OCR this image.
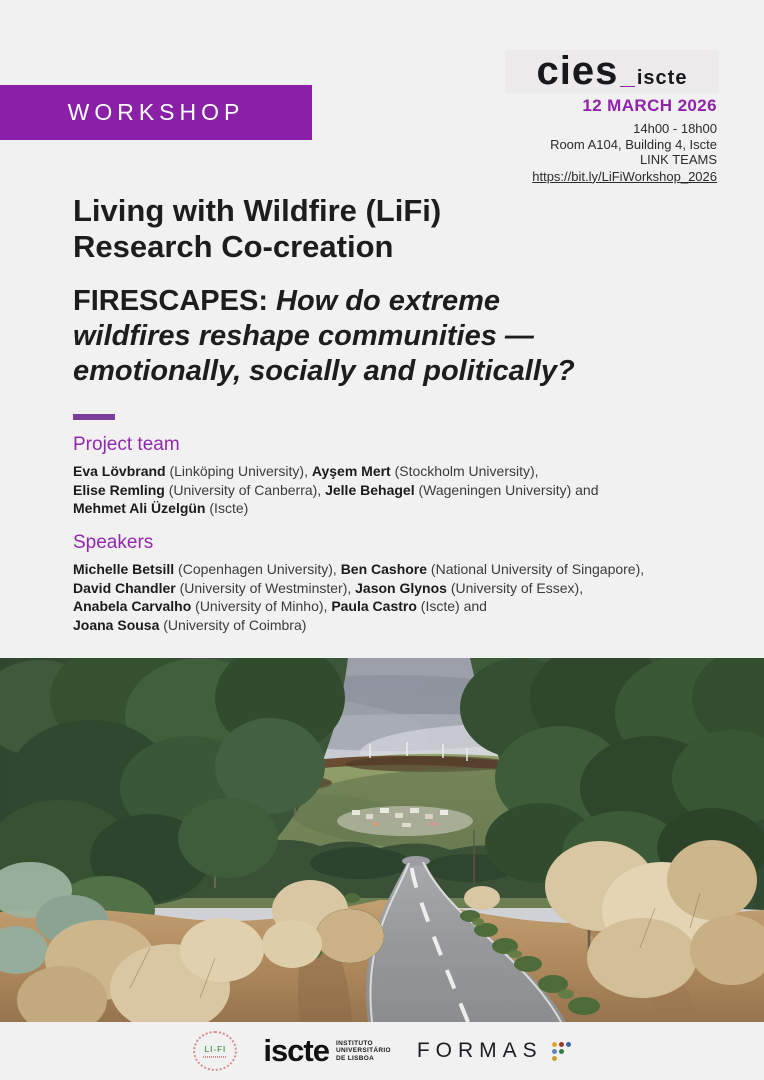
WORKSHOP
cies _ iscte
12 MARCH 2026
14h00 - 18h00
Room A104, Building 4, Iscte
LINK TEAMS
https://bit.ly/LiFiWorkshop_2026
Living with Wildfire (LiFi)
Research Co-creation
FIRESCAPES: How do extreme
wildfires reshape communities —
emotionally, socially and politically?
Project team

Eva Lövbrand (Linköping University), Ayşem Mert (Stockholm University),

Elise Remling (University of Canberra), Jelle Behagel (Wageningen University) and

Mehmet Ali Üzelgün (Iscte)

Speakers

Michelle Betsill (Copenhagen University), Ben Cashore (National University of Singapore),

David Chandler (University of Westminster), Jason Glynos (University of Essex),

Anabela Carvalho (University of Minho), Paula Castro (Iscte) and

Joana Sousa (University of Coimbra)

LI-FI iscte INSTITUTO
UNIVERSITÁRIO
DE LISBOA	FORMAS
